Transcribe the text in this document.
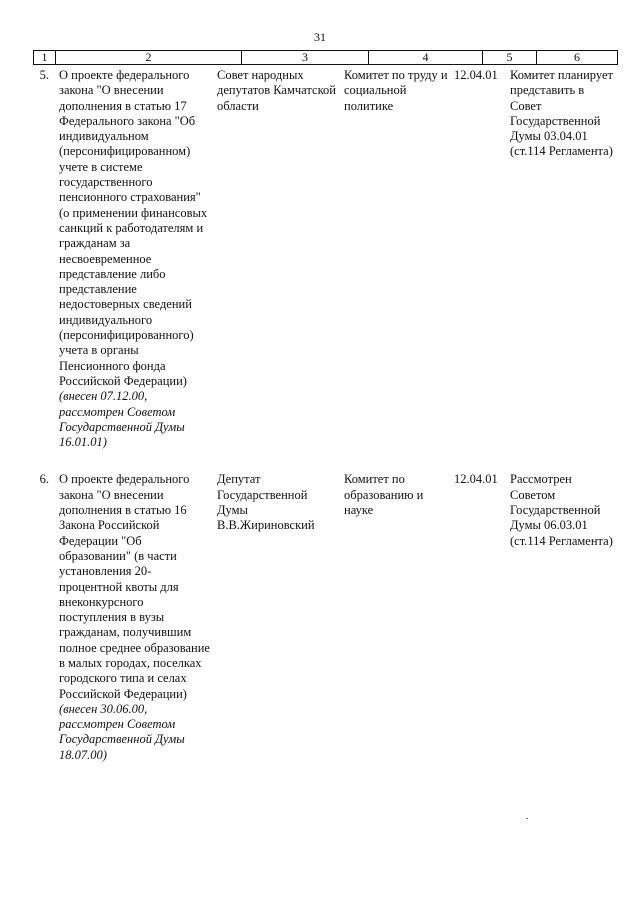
31
1	2	3	4	5	6
5.	О проекте федерального закона "О внесении дополнения в статью 17 Федерального закона "Об индивидуальном (персонифицированном) учете в системе государственного пенсионного страхования" (о применении финансовых санкций к работодателям и гражданам за несвоевременное представление либо представление недостоверных сведений индивидуального (персонифицированного) учета в органы Пенсионного фонда Российской Федерации) (внесен 07.12.00, рассмотрен Советом Государственной Думы 16.01.01)	Совет народных депутатов Камчатской области	Комитет по труду и социальной политике	12.04.01	Комитет планирует представить в Совет Государственной Думы 03.04.01 (ст.114 Регламента)
6.	О проекте федерального закона "О внесении дополнения в статью 16 Закона Российской Федерации "Об образовании" (в части установления 20-процентной квоты для внеконкурсного поступления в вузы гражданам, получившим полное среднее образование в малых городах, поселках городского типа и селах Российской Федерации) (внесен 30.06.00, рассмотрен Советом Государственной Думы 18.07.00)	Депутат Государственной Думы В.В.Жириновский	Комитет по образованию и науке	12.04.01	Рассмотрен Советом Государственной Думы 06.03.01 (ст.114 Регламента)
